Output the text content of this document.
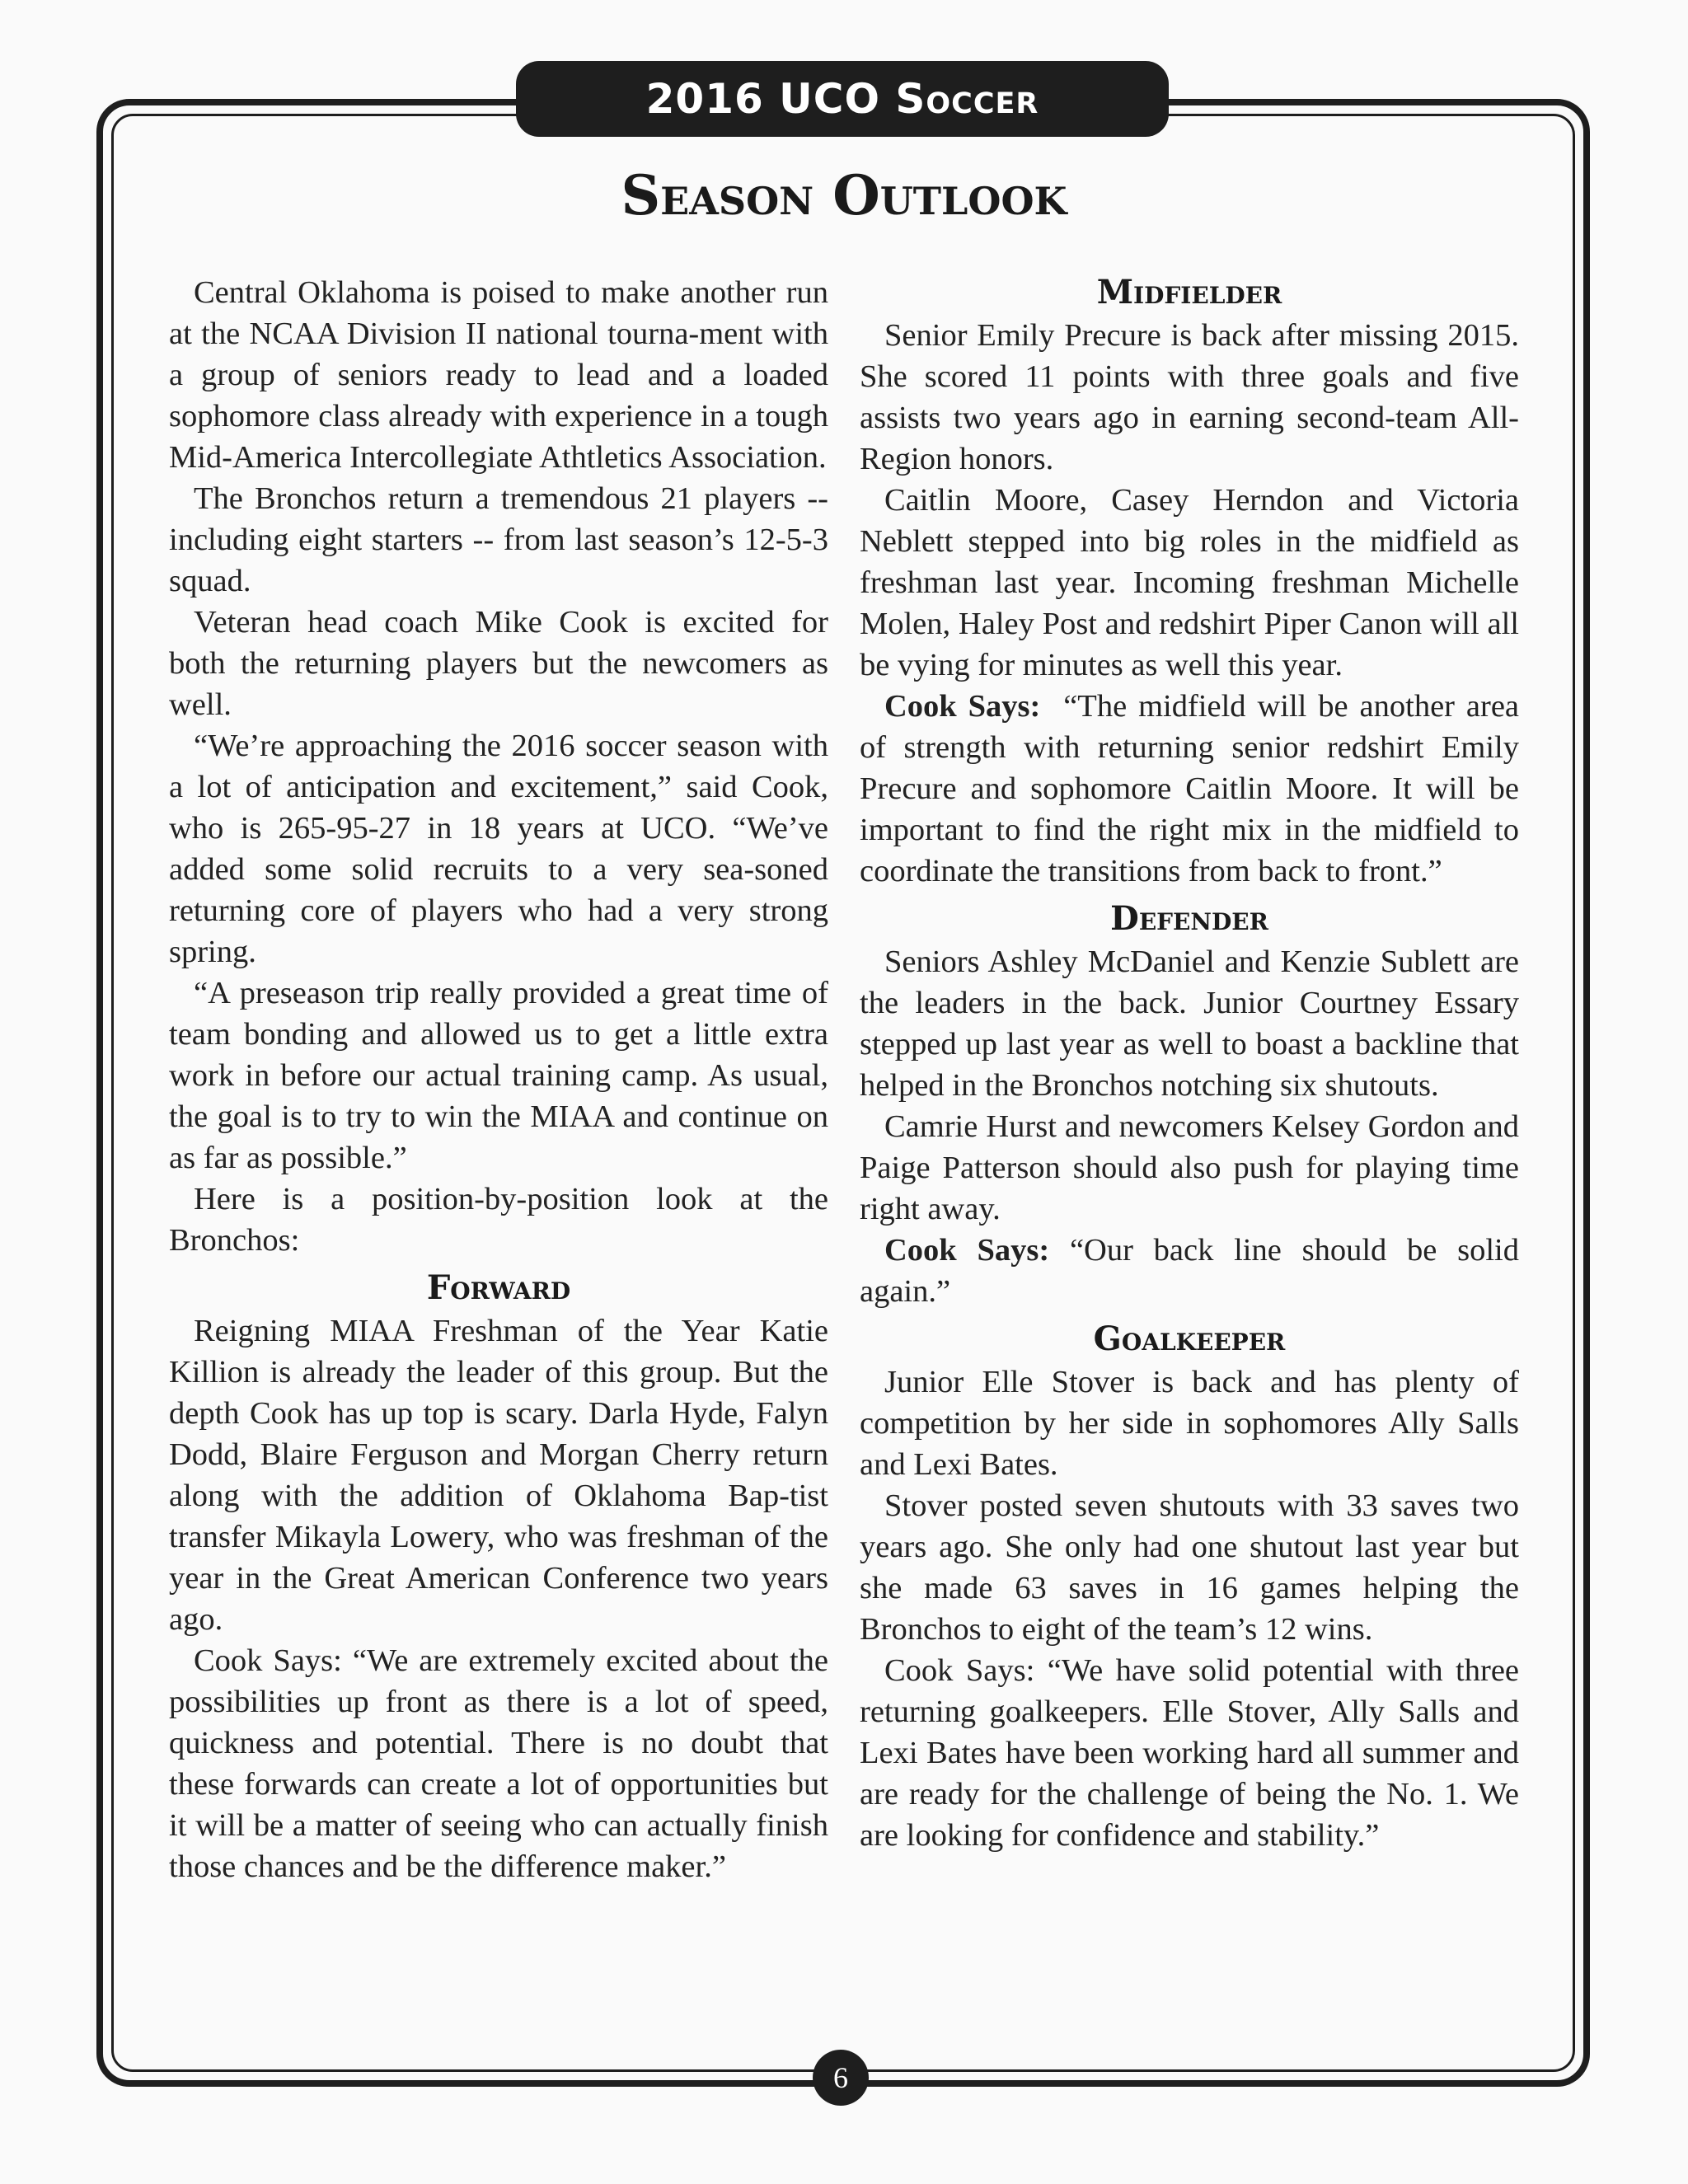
2016 UCO Soccer
Season Outlook

Central Oklahoma is poised to make another run at the NCAA Division II national tourna-ment with a group of seniors ready to lead and a loaded sophomore class already with experience in a tough Mid-America Intercollegiate Athtletics Association.

The Bronchos return a tremendous 21 players -- including eight starters -- from last season’s 12-5-3 squad.

Veteran head coach Mike Cook is excited for both the returning players but the newcomers as well.

“We’re approaching the 2016 soccer season with a lot of anticipation and excitement,” said Cook, who is 265-95-27 in 18 years at UCO. “We’ve added some solid recruits to a very sea-soned returning core of players who had a very strong spring.

“A preseason trip really provided a great time of team bonding and allowed us to get a little extra work in before our actual training camp. As usual, the goal is to try to win the MIAA and continue on as far as possible.”

Here is a position-by-position look at the Bronchos:

Forward

Reigning MIAA Freshman of the Year Katie Killion is already the leader of this group. But the depth Cook has up top is scary. Darla Hyde, Falyn Dodd, Blaire Ferguson and Morgan Cherry return along with the addition of Oklahoma Bap-tist transfer Mikayla Lowery, who was freshman of the year in the Great American Conference two years ago.

Cook Says: “We are extremely excited about the possibilities up front as there is a lot of speed, quickness and potential. There is no doubt that these forwards can create a lot of opportunities but it will be a matter of seeing who can actually finish those chances and be the difference maker.”

Midfielder

Senior Emily Precure is back after missing 2015. She scored 11 points with three goals and five assists two years ago in earning second-team All-Region honors.

Caitlin Moore, Casey Herndon and Victoria Neblett stepped into big roles in the midfield as freshman last year. Incoming freshman Michelle Molen, Haley Post and redshirt Piper Canon will all be vying for minutes as well this year.

Cook Says: “The midfield will be another area of strength with returning senior redshirt Emily Precure and sophomore Caitlin Moore. It will be important to find the right mix in the midfield to coordinate the transitions from back to front.”

Defender

Seniors Ashley McDaniel and Kenzie Sublett are the leaders in the back. Junior Courtney Essary stepped up last year as well to boast a backline that helped in the Bronchos notching six shutouts.

Camrie Hurst and newcomers Kelsey Gordon and Paige Patterson should also push for playing time right away.

Cook Says: “Our back line should be solid again.”

Goalkeeper

Junior Elle Stover is back and has plenty of competition by her side in sophomores Ally Salls and Lexi Bates.

Stover posted seven shutouts with 33 saves two years ago. She only had one shutout last year but she made 63 saves in 16 games helping the Bronchos to eight of the team’s 12 wins.

Cook Says: “We have solid potential with three returning goalkeepers. Elle Stover, Ally Salls and Lexi Bates have been working hard all summer and are ready for the challenge of being the No. 1. We are looking for confidence and stability.”

6
